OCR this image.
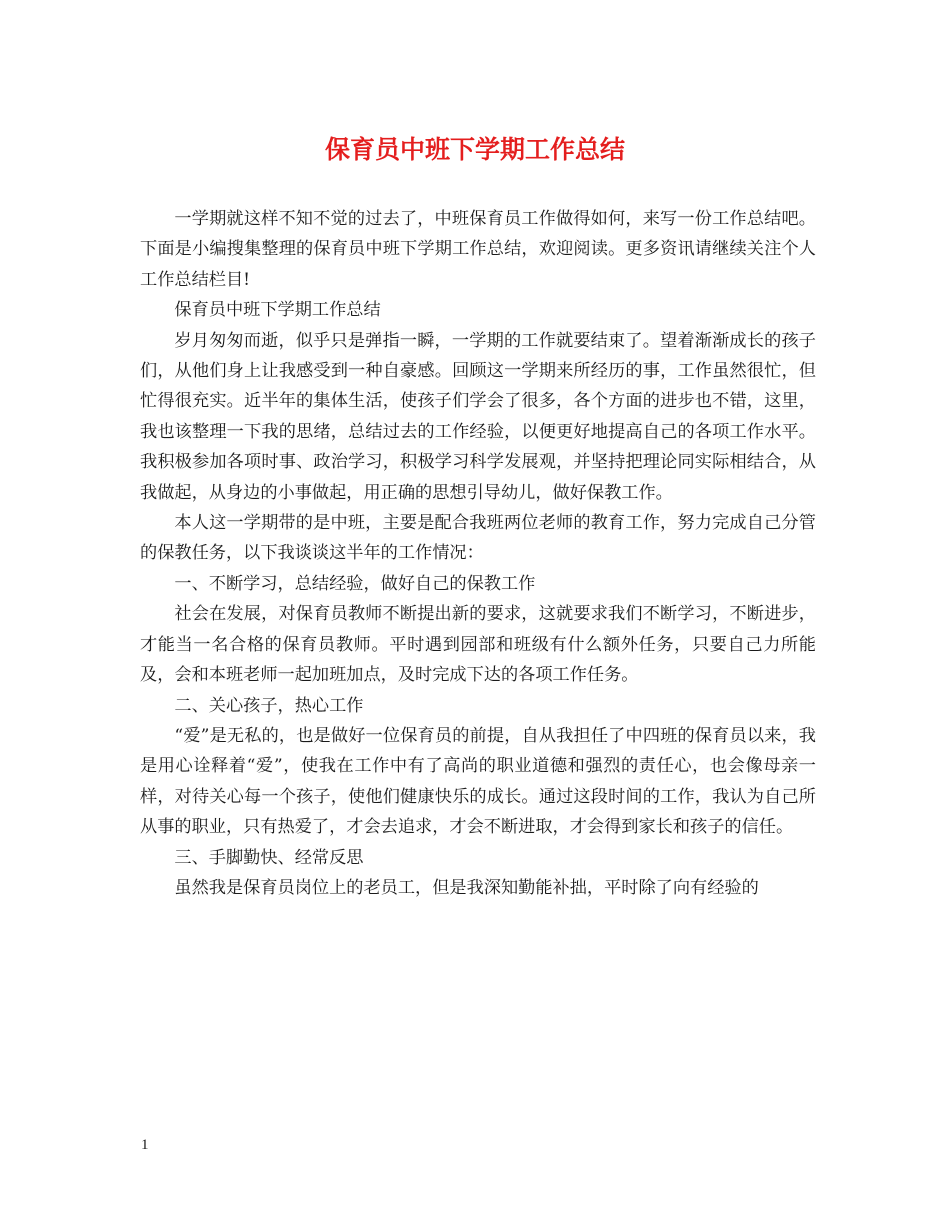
保育员中班下学期工作总结

一学期就这样不知不觉的过去了，中班保育员工作做得如何，来写一份工作总结吧。下面是小编搜集整理的保育员中班下学期工作总结，欢迎阅读。更多资讯请继续关注个人工作总结栏目!

保育员中班下学期工作总结

岁月匆匆而逝，似乎只是弹指一瞬，一学期的工作就要结束了。望着渐渐成长的孩子们，从他们身上让我感受到一种自豪感。回顾这一学期来所经历的事，工作虽然很忙，但忙得很充实。近半年的集体生活，使孩子们学会了很多，各个方面的进步也不错，这里，我也该整理一下我的思绪，总结过去的工作经验，以便更好地提高自己的各项工作水平。我积极参加各项时事、政治学习，积极学习科学发展观，并坚持把理论同实际相结合，从我做起，从身边的小事做起，用正确的思想引导幼儿，做好保教工作。

本人这一学期带的是中班，主要是配合我班两位老师的教育工作，努力完成自己分管的保教任务，以下我谈谈这半年的工作情况：

一、不断学习，总结经验，做好自己的保教工作

社会在发展，对保育员教师不断提出新的要求，这就要求我们不断学习，不断进步，才能当一名合格的保育员教师。平时遇到园部和班级有什么额外任务，只要自己力所能及，会和本班老师一起加班加点，及时完成下达的各项工作任务。

二、关心孩子，热心工作

“爱”是无私的，也是做好一位保育员的前提，自从我担任了中四班的保育员以来，我是用心诠释着“爱”，使我在工作中有了高尚的职业道德和强烈的责任心，也会像母亲一样，对待关心每一个孩子，使他们健康快乐的成长。通过这段时间的工作，我认为自己所从事的职业，只有热爱了，才会去追求，才会不断进取，才会得到家长和孩子的信任。

三、手脚勤快、经常反思

虽然我是保育员岗位上的老员工，但是我深知勤能补拙，平时除了向有经验的

1
